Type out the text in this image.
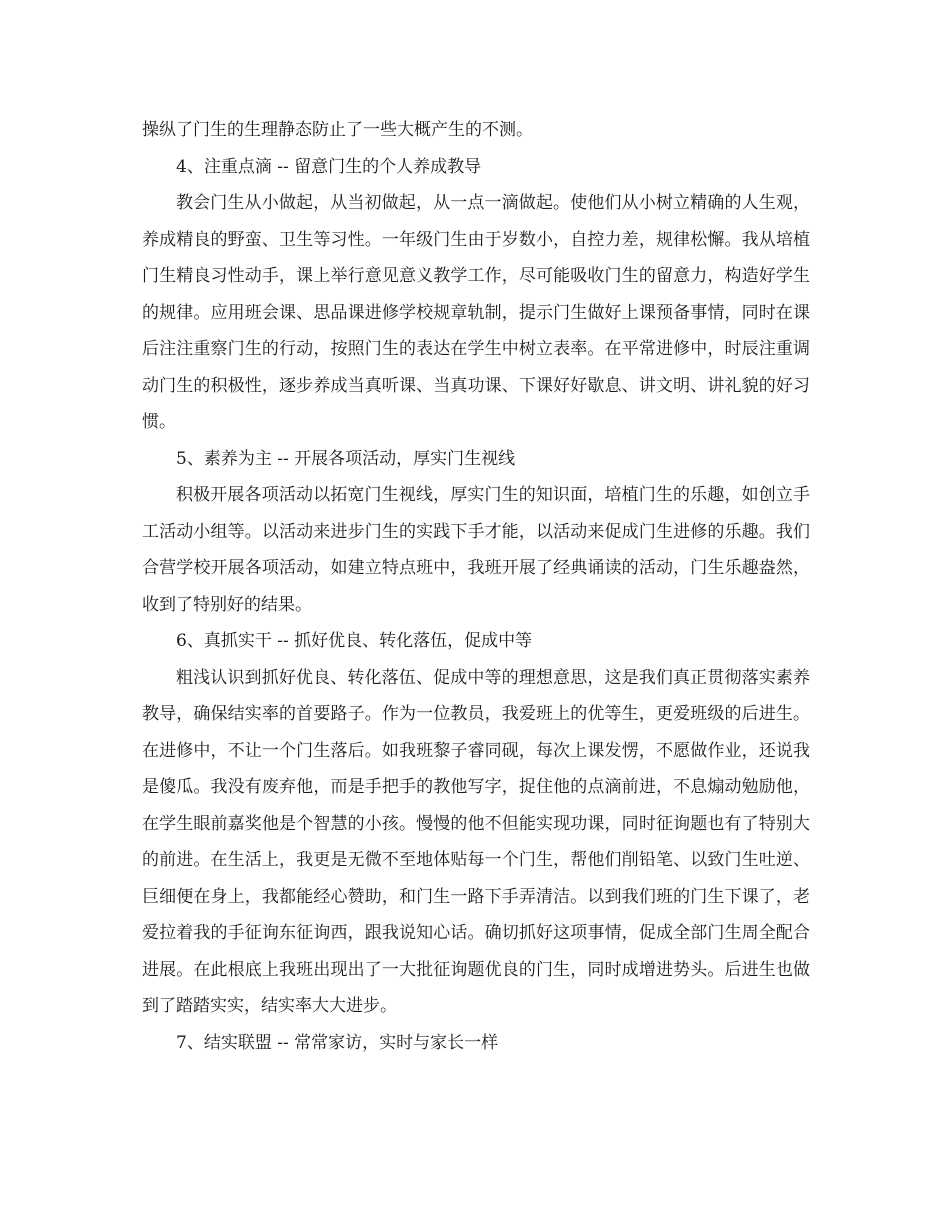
操纵了门生的生理静态防止了一些大概产生的不测。

4、注重点滴 -- 留意门生的个人养成教导

教会门生从小做起，从当初做起，从一点一滴做起。使他们从小树立精确的人生观，养成精良的野蛮、卫生等习性。一年级门生由于岁数小，自控力差，规律松懈。我从培植门生精良习性动手，课上举行意见意义教学工作，尽可能吸收门生的留意力，构造好学生的规律。应用班会课、思品课进修学校规章轨制，提示门生做好上课预备事情，同时在课后注注重察门生的行动，按照门生的表达在学生中树立表率。在平常进修中，时辰注重调动门生的积极性，逐步养成当真听课、当真功课、下课好好歇息、讲文明、讲礼貌的好习惯。

5、素养为主 -- 开展各项活动，厚实门生视线

积极开展各项活动以拓宽门生视线，厚实门生的知识面，培植门生的乐趣，如创立手工活动小组等。以活动来进步门生的实践下手才能，以活动来促成门生进修的乐趣。我们合营学校开展各项活动，如建立特点班中，我班开展了经典诵读的活动，门生乐趣盎然，收到了特别好的结果。

6、真抓实干 -- 抓好优良、转化落伍，促成中等

粗浅认识到抓好优良、转化落伍、促成中等的理想意思，这是我们真正贯彻落实素养教导，确保结实率的首要路子。作为一位教员，我爱班上的优等生，更爱班级的后进生。在进修中，不让一个门生落后。如我班黎子睿同砚，每次上课发愣，不愿做作业，还说我是傻瓜。我没有废弃他，而是手把手的教他写字，捉住他的点滴前进，不息煽动勉励他，在学生眼前嘉奖他是个智慧的小孩。慢慢的他不但能实现功课，同时征询题也有了特别大的前进。在生活上，我更是无微不至地体贴每一个门生，帮他们削铅笔、以致门生吐逆、巨细便在身上，我都能经心赞助，和门生一路下手弄清洁。以到我们班的门生下课了，老爱拉着我的手征询东征询西，跟我说知心话。确切抓好这项事情，促成全部门生周全配合进展。在此根底上我班出现出了一大批征询题优良的门生，同时成增进势头。后进生也做到了踏踏实实，结实率大大进步。

7、结实联盟 -- 常常家访，实时与家长一样
